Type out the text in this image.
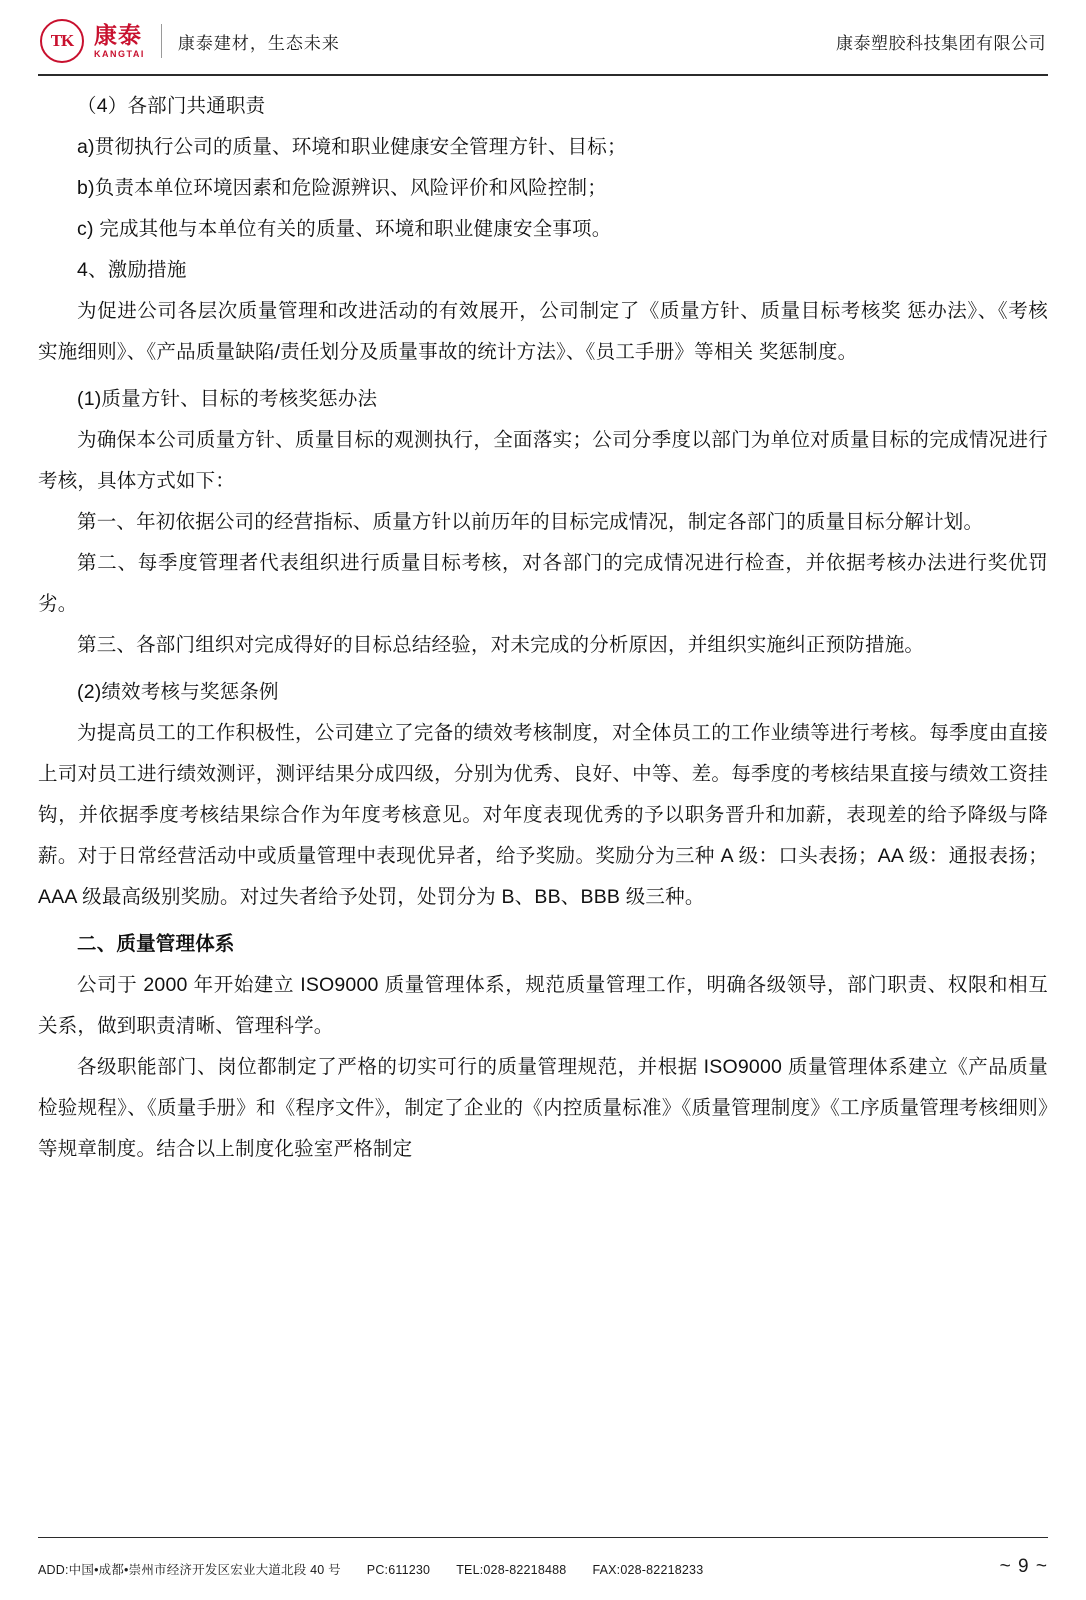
TK 康泰
KANGTAI
康泰建材，生态未来	康泰塑胶科技集团有限公司

（4）各部门共通职责

a)贯彻执行公司的质量、环境和职业健康安全管理方针、目标；

b)负责本单位环境因素和危险源辨识、风险评价和风险控制；

c) 完成其他与本单位有关的质量、环境和职业健康安全事项。

4、激励措施

为促进公司各层次质量管理和改进活动的有效展开，公司制定了《质量方针、质量目标考核奖 惩办法》、《考核实施细则》、《产品质量缺陷/责任划分及质量事故的统计方法》、《员工手册》等相关 奖惩制度。

(1)质量方针、目标的考核奖惩办法

为确保本公司质量方针、质量目标的观测执行，全面落实；公司分季度以部门为单位对质量目标的完成情况进行考核，具体方式如下：

第一、年初依据公司的经营指标、质量方针以前历年的目标完成情况，制定各部门的质量目标分解计划。

第二、每季度管理者代表组织进行质量目标考核，对各部门的完成情况进行检查，并依据考核办法进行奖优罚劣。

第三、各部门组织对完成得好的目标总结经验，对未完成的分析原因，并组织实施纠正预防措施。

(2)绩效考核与奖惩条例

为提高员工的工作积极性，公司建立了完备的绩效考核制度，对全体员工的工作业绩等进行考核。每季度由直接上司对员工进行绩效测评，测评结果分成四级，分别为优秀、良好、中等、差。每季度的考核结果直接与绩效工资挂钩，并依据季度考核结果综合作为年度考核意见。对年度表现优秀的予以职务晋升和加薪，表现差的给予降级与降薪。对于日常经营活动中或质量管理中表现优异者，给予奖励。奖励分为三种 A 级：口头表扬；AA 级：通报表扬；AAA 级最高级别奖励。对过失者给予处罚，处罚分为 B、BB、BBB 级三种。

二、质量管理体系

公司于 2000 年开始建立 ISO9000 质量管理体系，规范质量管理工作，明确各级领导，部门职责、权限和相互关系，做到职责清晰、管理科学。

各级职能部门、岗位都制定了严格的切实可行的质量管理规范，并根据 ISO9000 质量管理体系建立《产品质量检验规程》、《质量手册》和《程序文件》，制定了企业的《内控质量标准》《质量管理制度》《工序质量管理考核细则》等规章制度。结合以上制度化验室严格制定

ADD:中国•成都•崇州市经济开发区宏业大道北段 40 号 PC:611230 TEL:028-82218488 FAX:028-82218233	~ 9 ~
